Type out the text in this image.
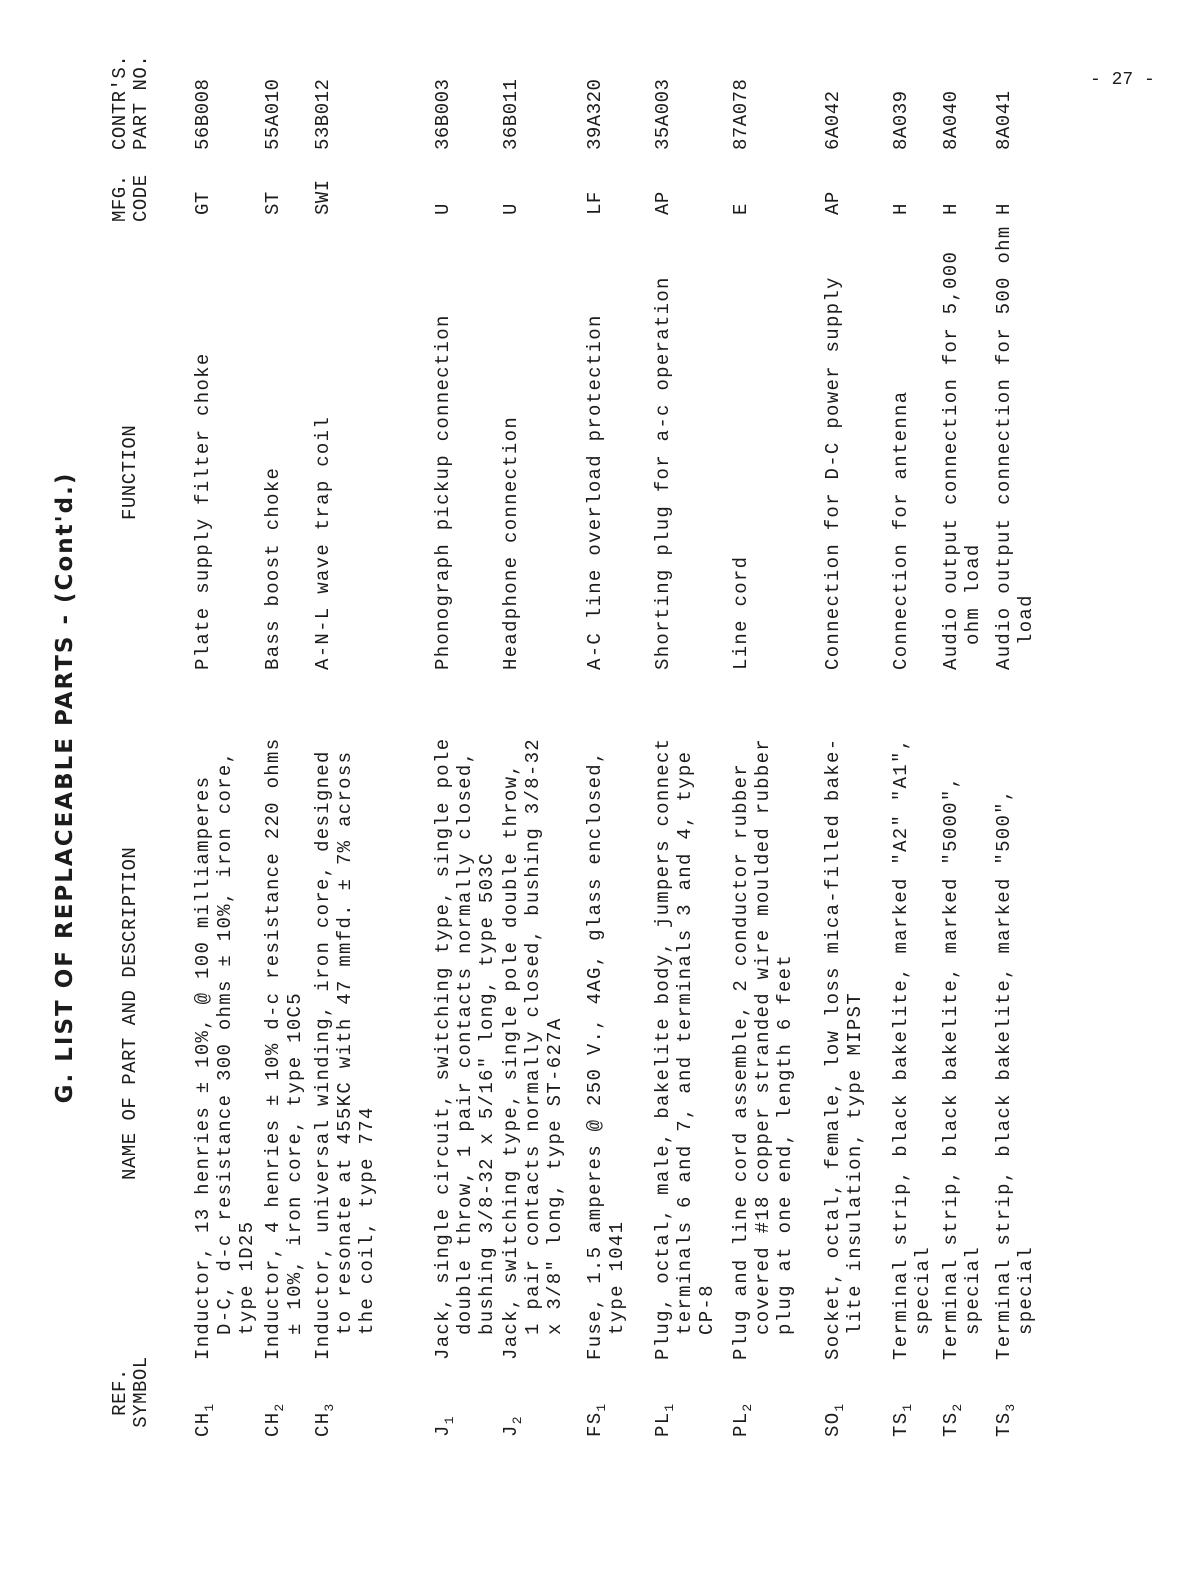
G. LIST OF REPLACEABLE PARTS - (Cont'd.)
REF. SYMBOL
NAME OF PART AND DESCRIPTION
FUNCTION
MFG. CODE
CONTR'S. PART NO.
$CH_1$
Inductor, 13 henries ± 10%, @ 100 milliamperes D-C, d-c resistance 300 ohms ± 10%, iron core, type 1D25
Plate supply filter choke
GT
56B008
$CH_2$
Inductor, 4 henries ± 10% d-c resistance 220 ohms ± 10%, iron core, type 10C5
Bass boost choke
ST
55A010
$CH_3$
Inductor, universal winding, iron core, designed to resonate at 455KC with 47 mmfd. ± 7% across the coil, type 774
A-N-L wave trap coil
SWI
53B012
$J_1$
Jack, single circuit, switching type, single pole double throw, 1 pair contacts normally closed, bushing 3/8-32 x 5/16" long, type 503C
Phonograph pickup connection
U
36B003
$J_2$
Jack, switching type, single pole double throw, 1 pair contacts normally closed, bushing 3/8-32 x 3/8" long, type ST-627A
Headphone connection
U
36B011
$FS_1$
Fuse, 1.5 amperes @ 250 V., 4AG, glass enclosed, type 1041
A-C line overload protection
LF
39A320
$PL_1$
Plug, octal, male, bakelite body, jumpers connect terminals 6 and 7, and terminals 3 and 4, type CP-8
Shorting plug for a-c operation
AP
35A003
$PL_2$
Plug and line cord assemble, 2 conductor rubber covered #18 copper stranded wire moulded rubber plug at one end, length 6 feet
Line cord
E
87A078
$SO_1$
Socket, octal, female, low loss mica-filled bake- lite insulation, type MIPST
Connection for D-C power supply
AP
6A042
$TS_1$
Terminal strip, black bakelite, marked "A2" "A1", special
Connection for antenna
H
8A039
$TS_2$
Terminal strip, black bakelite, marked "5000", special
Audio output connection for 5,000 ohm load
H
8A040
$TS_3$
Terminal strip, black bakelite, marked "500", special
Audio output connection for 500 ohm load
H
8A041
- 27 -
